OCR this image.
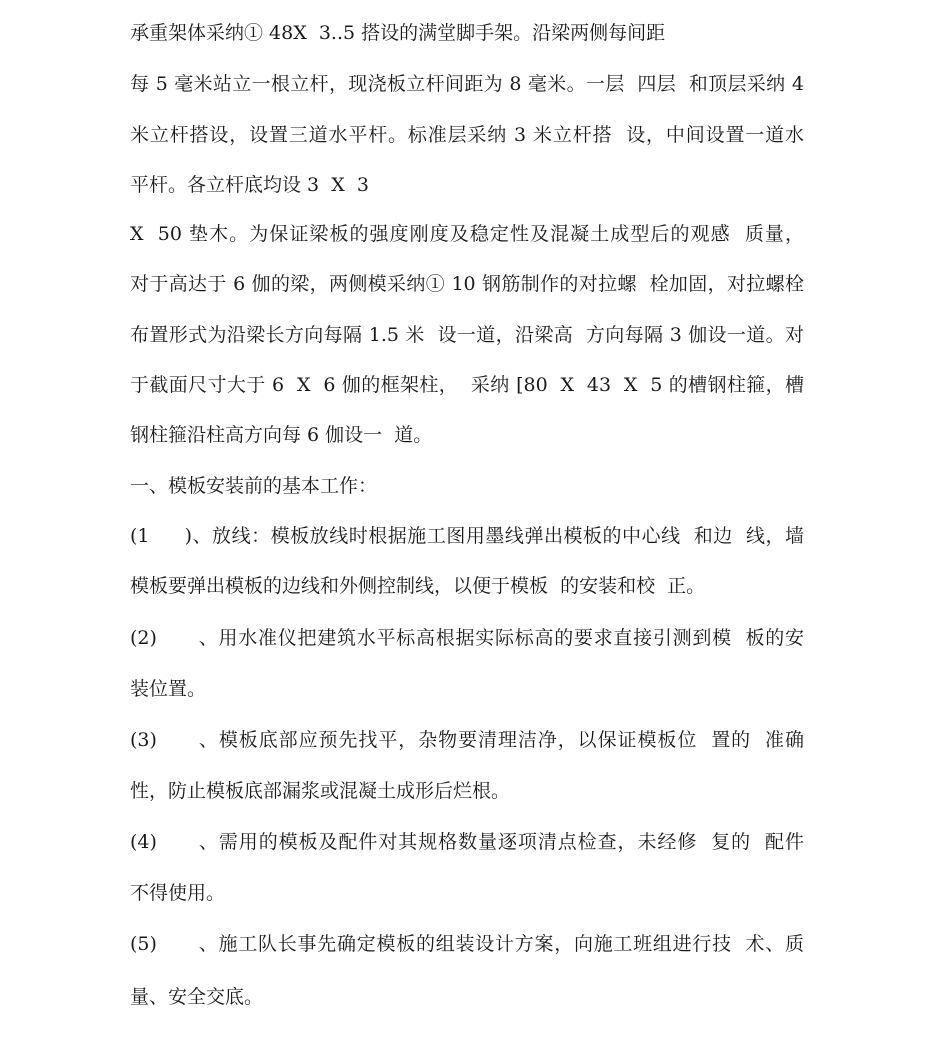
承重架体采纳① 48X  3..5 搭设的满堂脚手架。沿梁两侧每间距
每 5 毫米站立一根立杆，现浇板立杆间距为 8 毫米。一层  四层  和顶层采纳 4
米立杆搭设，设置三道水平杆。标准层采纳 3 米立杆搭  设，中间设置一道水
平杆。各立杆底均设 3  X  3
X  50 垫木。为保证梁板的强度刚度及稳定性及混凝土成型后的观感  质量，
对于高达于 6 伽的梁，两侧模采纳① 10 钢筋制作的对拉螺  栓加固，对拉螺栓
布置形式为沿梁长方向每隔 1.5 米  设一道，沿梁高  方向每隔 3 伽设一道。对
于截面尺寸大于 6  X  6 伽的框架柱，  采纳 [80  X  43  X  5 的槽钢柱箍，槽
钢柱箍沿柱高方向每 6 伽设一  道。
一、模板安装前的基本工作：
(1 )、放线：模板放线时根据施工图用墨线弹出模板的中心线  和边  线，墙
模板要弹出模板的边线和外侧控制线，以便于模板  的安装和校  正。
(2) 、用水准仪把建筑水平标高根据实际标高的要求直接引测到模  板的安
装位置。
(3) 、模板底部应预先找平，杂物要清理洁净，以保证模板位  置的  准确
性，防止模板底部漏浆或混凝土成形后烂根。
(4) 、需用的模板及配件对其规格数量逐项清点检查，未经修  复的  配件
不得使用。
(5) 、施工队长事先确定模板的组装设计方案，向施工班组进行技  术、质
量、安全交底。
